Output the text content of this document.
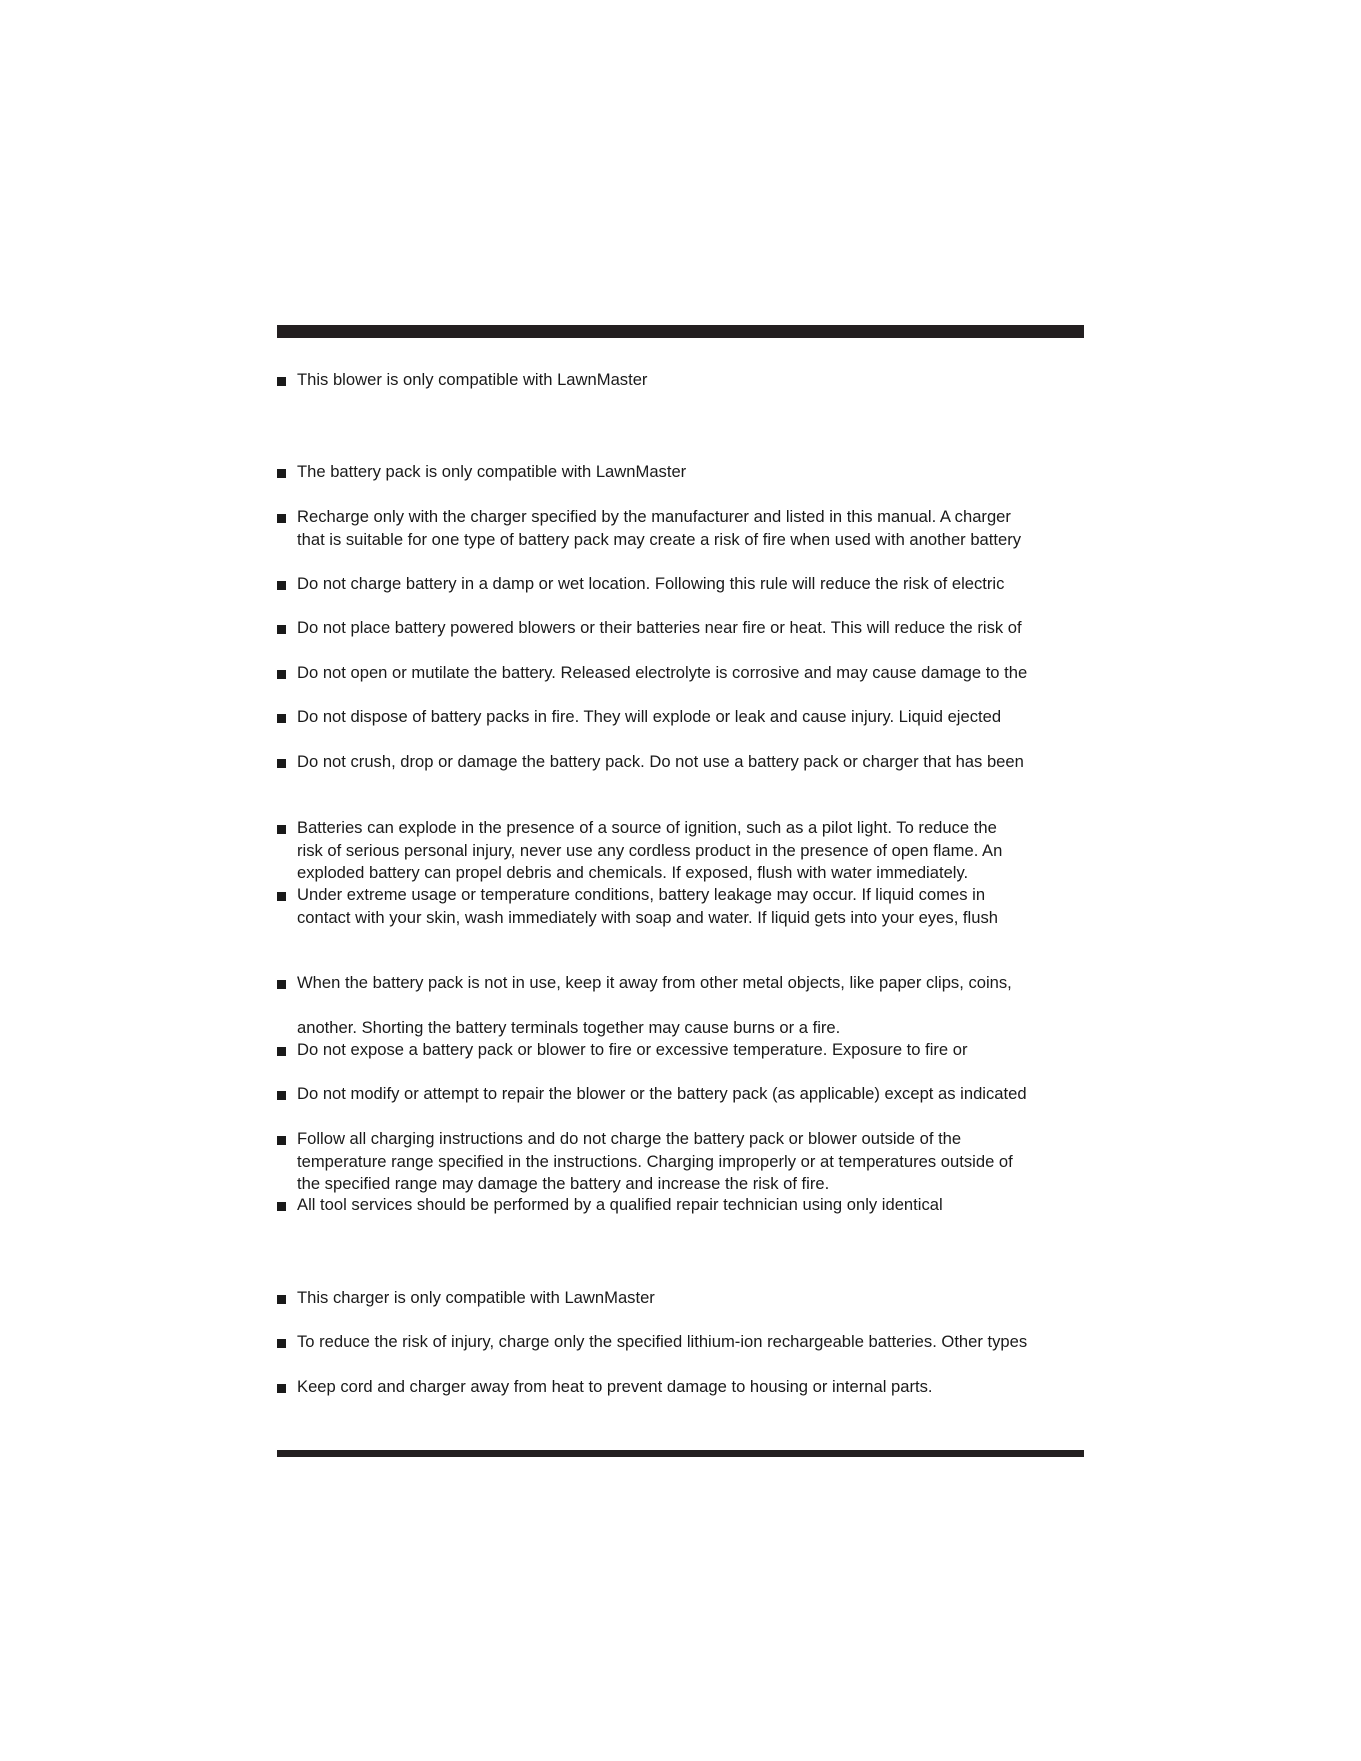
This blower is only compatible with LawnMaster
The battery pack is only compatible with LawnMaster
Recharge only with the charger specified by the manufacturer and listed in this manual. A charger
that is suitable for one type of battery pack may create a risk of fire when used with another battery
Do not charge battery in a damp or wet location. Following this rule will reduce the risk of electric
Do not place battery powered blowers or their batteries near fire or heat. This will reduce the risk of
Do not open or mutilate the battery. Released electrolyte is corrosive and may cause damage to the
Do not dispose of battery packs in fire. They will explode or leak and cause injury. Liquid ejected
Do not crush, drop or damage the battery pack. Do not use a battery pack or charger that has been
Batteries can explode in the presence of a source of ignition, such as a pilot light. To reduce the
risk of serious personal injury, never use any cordless product in the presence of open flame. An
exploded battery can propel debris and chemicals. If exposed, flush with water immediately.
Under extreme usage or temperature conditions, battery leakage may occur. If liquid comes in
contact with your skin, wash immediately with soap and water. If liquid gets into your eyes, flush
When the battery pack is not in use, keep it away from other metal objects, like paper clips, coins,

another. Shorting the battery terminals together may cause burns or a fire.
Do not expose a battery pack or blower to fire or excessive temperature. Exposure to fire or
Do not modify or attempt to repair the blower or the battery pack (as applicable) except as indicated
Follow all charging instructions and do not charge the battery pack or blower outside of the
temperature range specified in the instructions. Charging improperly or at temperatures outside of
the specified range may damage the battery and increase the risk of fire.
All tool services should be performed by a qualified repair technician using only identical
This charger is only compatible with LawnMaster
To reduce the risk of injury, charge only the specified lithium-ion rechargeable batteries. Other types
Keep cord and charger away from heat to prevent damage to housing or internal parts.
